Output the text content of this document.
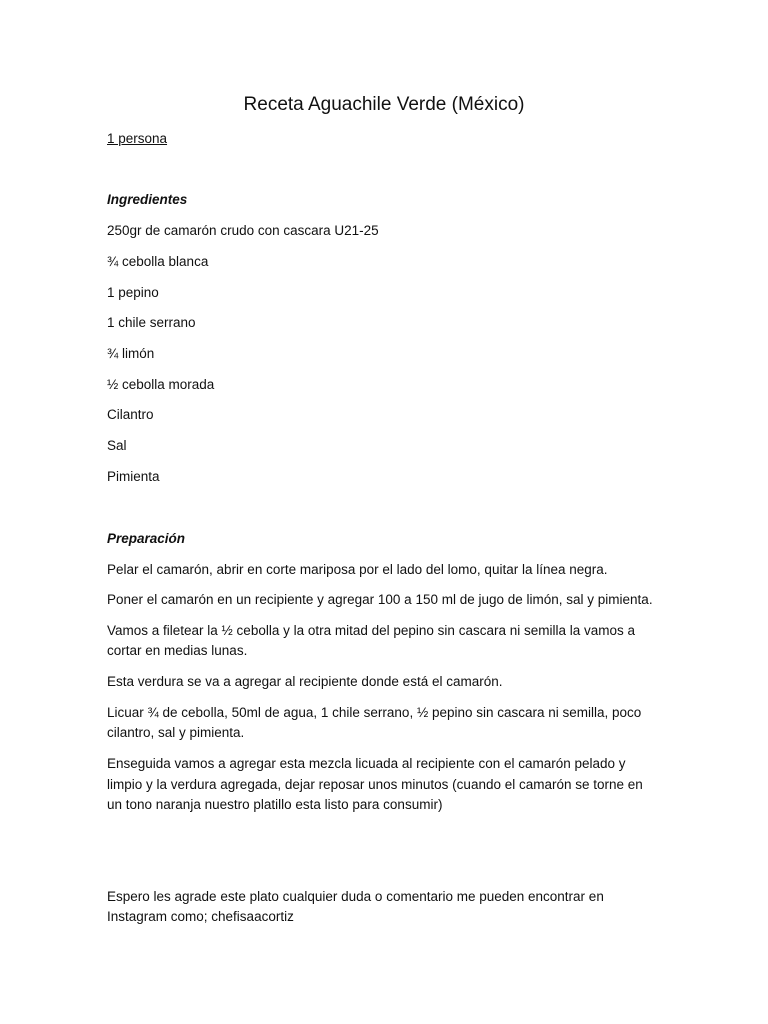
Receta Aguachile Verde (México)

1 persona

Ingredientes

250gr de camarón crudo con cascara U21-25

¾ cebolla blanca

1 pepino

1 chile serrano

¾ limón

½ cebolla morada

Cilantro

Sal

Pimienta

Preparación

Pelar el camarón, abrir en corte mariposa por el lado del lomo, quitar la línea negra.

Poner el camarón en un recipiente y agregar 100 a 150 ml de jugo de limón, sal y pimienta.

Vamos a filetear la ½ cebolla y la otra mitad del pepino sin cascara ni semilla la vamos a

cortar en medias lunas.

Esta verdura se va a agregar al recipiente donde está el camarón.

Licuar ¾ de cebolla, 50ml de agua, 1 chile serrano, ½ pepino sin cascara ni semilla, poco

cilantro, sal y pimienta.

Enseguida vamos a agregar esta mezcla licuada al recipiente con el camarón pelado y

limpio y la verdura agregada, dejar reposar unos minutos (cuando el camarón se torne en

un tono naranja nuestro platillo esta listo para consumir)

Espero les agrade este plato cualquier duda o comentario me pueden encontrar en

Instagram como; chefisaacortiz
